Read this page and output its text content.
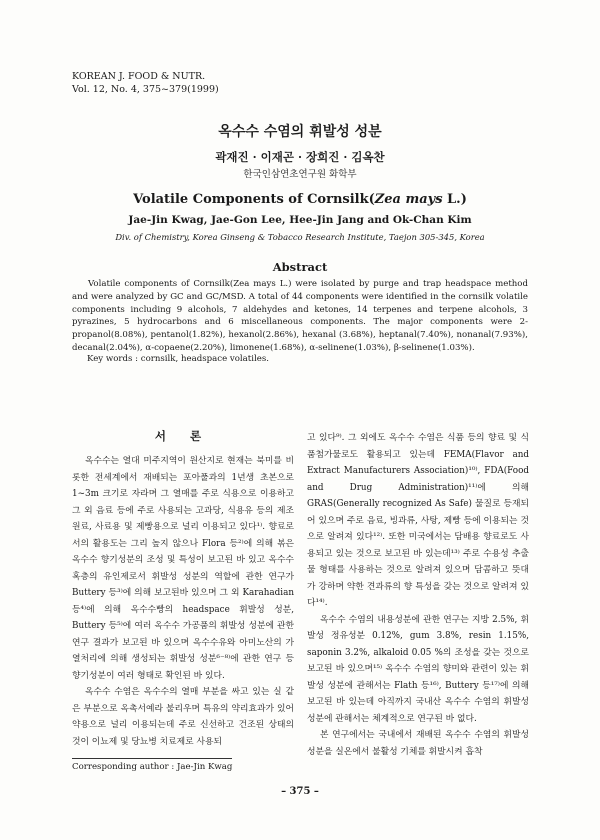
KOREAN J. FOOD & NUTR.
Vol. 12, No. 4, 375~379(1999)
옥수수 수염의 휘발성 성분
곽재진 · 이재곤 · 장희진 · 김옥찬
한국인삼연초연구원 화학부
Volatile Components of Cornsilk(Zea mays L.)
Jae-Jin Kwag, Jae-Gon Lee, Hee-Jin Jang and Ok-Chan Kim
Div. of Chemistry, Korea Ginseng & Tobacco Research Institute, Taejon 305-345, Korea
Abstract

Volatile components of Cornsilk(Zea mays L.) were isolated by purge and trap headspace method and were analyzed by GC and GC/MSD. A total of 44 components were identified in the cornsilk volatile components including 9 alcohols, 7 aldehydes and ketones, 14 terpenes and terpene alcohols, 3 pyrazines, 5 hydrocarbons and 6 miscellaneous components. The major components were 2-propanol(8.08%), pentanol(1.82%), hexanol(2.86%), hexanal (3.68%), heptanal(7.40%), nonanal(7.93%), decanal(2.04%), α-copaene(2.20%), limonene(1.68%), α-selinene(1.03%), β-selinene(1.03%).

Key words : cornsilk, headspace volatiles.
서 론

옥수수는 열대 미주지역이 원산지로 현재는 북미를 비롯한 전세계에서 재배되는 포아풀과의 1년생 초본으로 1~3m 크기로 자라며 그 열매를 주로 식용으로 이용하고 그 외 음료 등에 주로 사용되는 고과당, 식용유 등의 제조 원료, 사료용 및 제빵용으로 널리 이용되고 있다¹⁾. 향료로서의 활용도는 그리 높지 않으나 Flora 등²⁾에 의해 볶은 옥수수 향기성분의 조성 및 특성이 보고된 바 있고 옥수수 혹층의 유인제로서 휘발성 성분의 역할에 관한 연구가 Buttery 등³⁾에 의해 보고된바 있으며 그 외 Karahadian 등⁴⁾에 의해 옥수수빵의 headspace 휘발성 성분, Buttery 등⁵⁾에 여러 옥수수 가공품의 휘발성 성분에 관한 연구 결과가 보고된 바 있으며 옥수수유와 아미노산의 가열처리에 의해 생성되는 휘발성 성분⁶⁻⁸⁾에 관한 연구 등 향기성분이 여러 형태로 확인된 바 있다.

옥수수 수염은 옥수수의 열매 부분을 싸고 있는 실 같은 부분으로 옥촉서예라 불리우며 특유의 약리효과가 있어 약용으로 널리 이용되는데 주로 신선하고 건조된 상태의 것이 이뇨제 및 당뇨병 치료제로 사용되

고 있다⁹⁾. 그 외에도 옥수수 수염은 식품 등의 향료 및 식품첨가물로도 활용되고 있는데 FEMA(Flavor and Extract Manufacturers Association)¹⁰⁾, FDA(Food and Drug Administration)¹¹⁾에 의해 GRAS(Generally recognized As Safe) 물질로 등재되어 있으며 주로 음료, 빙과류, 사탕, 제빵 등에 이용되는 것으로 알려져 있다¹²⁾. 또한 미국에서는 담배용 향료로도 사용되고 있는 것으로 보고된 바 있는데¹³⁾ 주로 수용성 추출물 형태를 사용하는 것으로 알려져 있으며 담콤하고 뜻대가 강하며 약한 견과류의 향 특성을 갖는 것으로 알려져 있다¹⁴⁾.

옥수수 수염의 내용성분에 관한 연구는 지방 2.5%, 휘발성 정유성분 0.12%, gum 3.8%, resin 1.15%, saponin 3.2%, alkaloid 0.05 %의 조성을 갖는 것으로 보고된 바 있으며¹⁵⁾ 옥수수 수염의 향미와 관련이 있는 휘발성 성분에 관해서는 Flath 등¹⁶⁾, Buttery 등¹⁷⁾에 의해 보고된 바 있는데 아직까지 국내산 옥수수 수염의 휘발성 성분에 관해서는 체계적으로 연구된 바 없다.

본 연구에서는 국내에서 재배된 옥수수 수염의 휘발성 성분을 실온에서 불활성 기체를 휘발시켜 흡착

Corresponding author : Jae-Jin Kwag
– 375 –
